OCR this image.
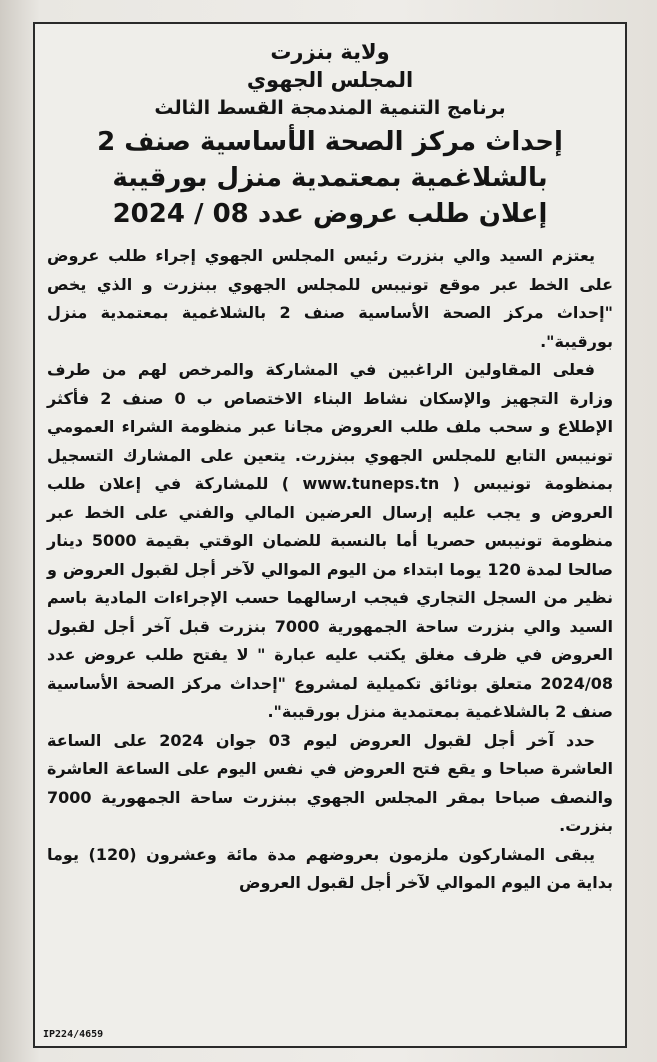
ولاية بنزرت
المجلس الجهوي
برنامج التنمية المندمجة القسط الثالث
إحداث مركز الصحة الأساسية صنف 2 بالشلاغمية بمعتمدية منزل بورقيبة
إعلان طلب عروض عدد 08 / 2024

يعتزم السيد والي بنزرت رئيس المجلس الجهوي إجراء طلب عروض على الخط عبر موقع تونيبس للمجلس الجهوي ببنزرت و الذي يخص "إحداث مركز الصحة الأساسية صنف 2 بالشلاغمية بمعتمدية منزل بورقيبة".

فعلى المقاولين الراغبين في المشاركة والمرخص لهم من طرف وزارة التجهيز والإسكان نشاط البناء الاختصاص ب 0 صنف 2 فأكثر الإطلاع و سحب ملف طلب العروض مجانا عبر منظومة الشراء العمومي تونيبس التابع للمجلس الجهوي ببنزرت. يتعين على المشارك التسجيل بمنظومة تونيبس ( www.tuneps.tn ) للمشاركة في إعلان طلب العروض و يجب عليه إرسال العرضين المالي والفني على الخط عبر منظومة تونيبس حصريا أما بالنسبة للضمان الوقتي بقيمة 5000 دينار صالحا لمدة 120 يوما ابتداء من اليوم الموالي لآخر أجل لقبول العروض و نظير من السجل التجاري فيجب ارسالهما حسب الإجراءات المادية باسم السيد والي بنزرت ساحة الجمهورية 7000 بنزرت قبل آخر أجل لقبول العروض في ظرف مغلق يكتب عليه عبارة " لا يفتح طلب عروض عدد 2024/08 متعلق بوثائق تكميلية لمشروع "إحداث مركز الصحة الأساسية صنف 2 بالشلاغمية بمعتمدية منزل بورقيبة".

حدد آخر أجل لقبول العروض ليوم 03 جوان 2024 على الساعة العاشرة صباحا و يقع فتح العروض في نفس اليوم على الساعة العاشرة والنصف صباحا بمقر المجلس الجهوي ببنزرت ساحة الجمهورية 7000 بنزرت.

يبقى المشاركون ملزمون بعروضهم مدة مائة وعشرون (120) يوما بداية من اليوم الموالي لآخر أجل لقبول العروض

IP224/4659
